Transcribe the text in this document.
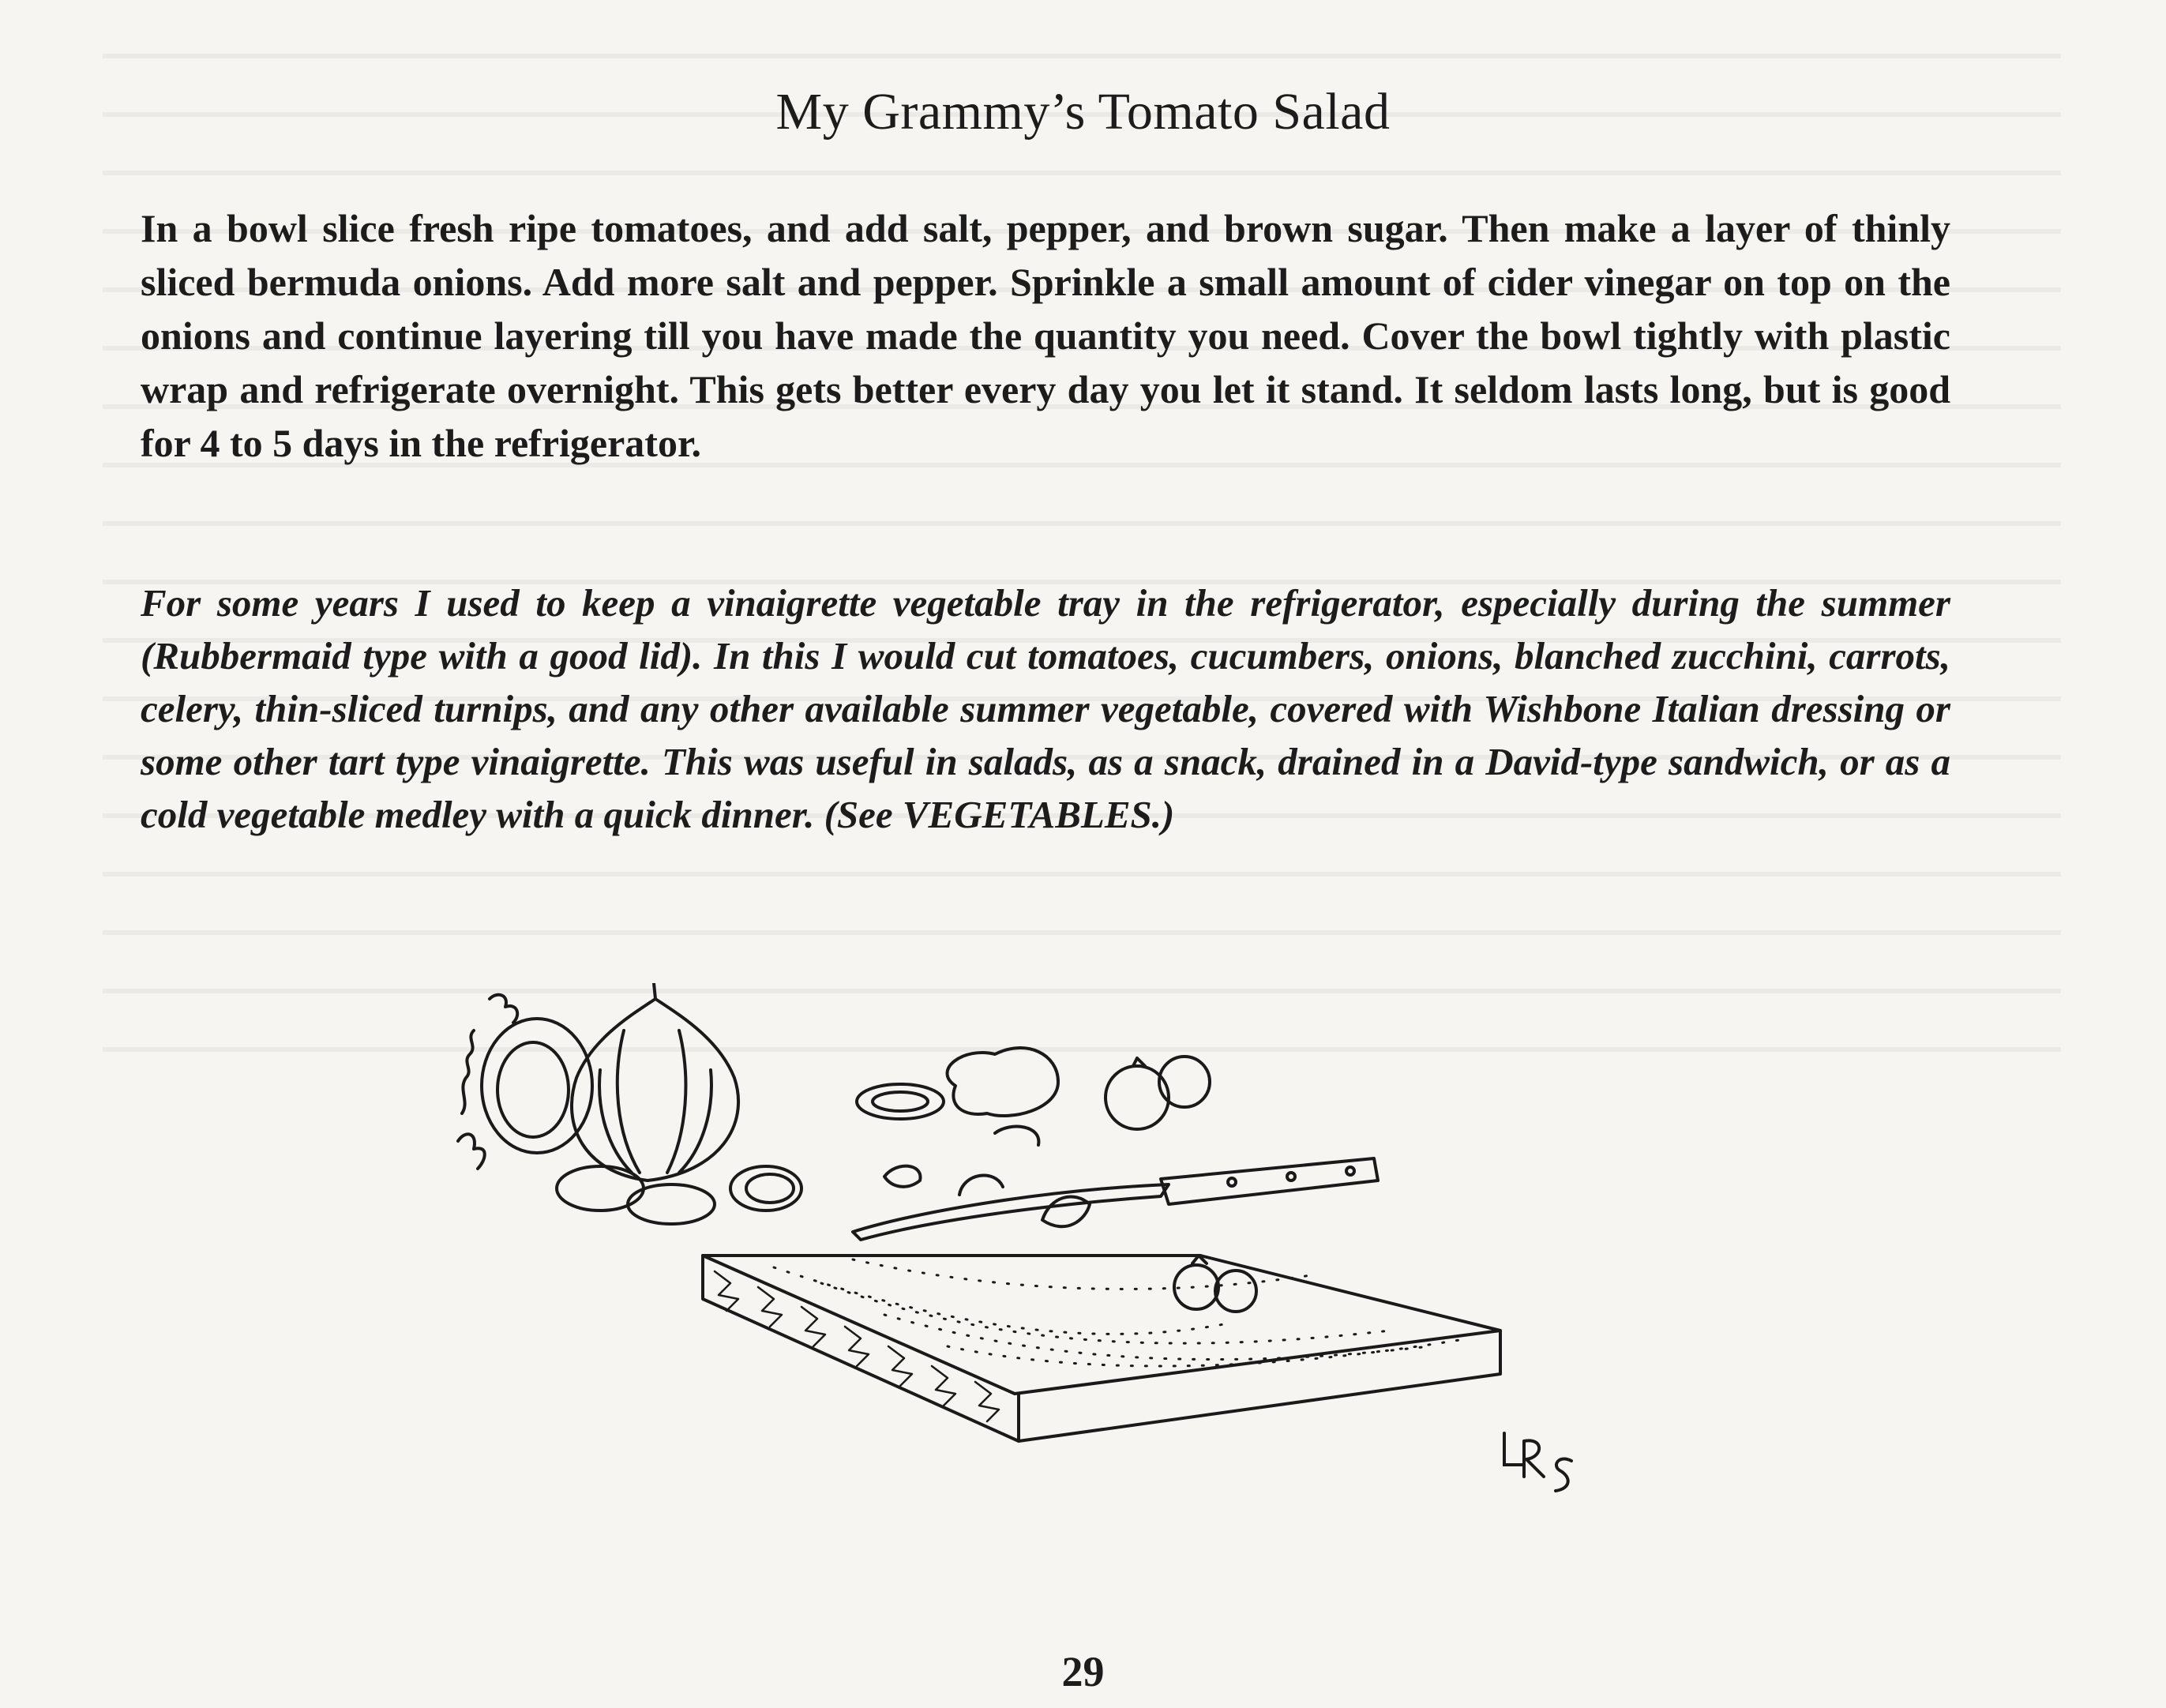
My Grammy’s Tomato Salad

In a bowl slice fresh ripe tomatoes, and add salt, pepper, and brown sugar. Then make a layer of thinly sliced bermuda onions. Add more salt and pepper. Sprinkle a small amount of cider vinegar on top on the onions and continue layering till you have made the quantity you need. Cover the bowl tightly with plastic wrap and refrigerate overnight. This gets better every day you let it stand. It seldom lasts long, but is good for 4 to 5 days in the refrigerator.

For some years I used to keep a vinaigrette vegetable tray in the refrigerator, especially during the summer (Rubbermaid type with a good lid). In this I would cut tomatoes, cucumbers, onions, blanched zucchini, carrots, celery, thin-sliced turnips, and any other available summer vegetable, covered with Wishbone Italian dressing or some other tart type vinaigrette. This was useful in salads, as a snack, drained in a David-type sandwich, or as a cold vegetable medley with a quick dinner. (See VEGETABLES.)

29
